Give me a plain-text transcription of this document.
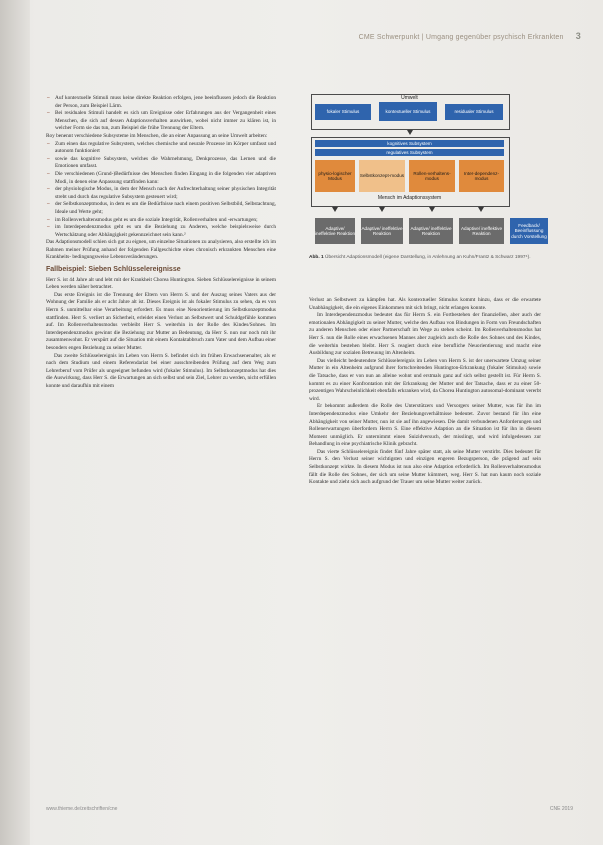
CME Schwerpunkt | Umgang gegenüber psychisch Erkrankten 3
– Auf kontextuelle Stimuli muss keine direkte Reaktion erfolgen, jene beeinflussen jedoch die Reaktion der Person, zum Beispiel Lärm.
– Bei residualen Stimuli handelt es sich um Ereignisse oder Erfahrungen aus der Vergangenheit eines Menschen, die sich auf dessen Adaptionsverhalten auswirken, wobei nicht immer zu klären ist, in welcher Form sie das tun, zum Beispiel die frühe Trennung der Eltern.

Roy benennt verschiedene Subsysteme im Menschen, die an einer Anpassung an seine Umwelt arbeiten:

– Zum einen das regulative Subsystem, welches chemische und neurale Prozesse im Körper umfasst und autonom funktioniert
– sowie das kognitive Subsystem, welches die Wahrnehmung, Denkprozesse, das Lernen und die Emotionen umfasst.
– Die verschiedenen (Grund-)Bedürfnisse des Menschen finden Eingang in die folgenden vier adaptiven Modi, in denen eine Anpassung stattfinden kann:
– der physiologische Modus, in dem der Mensch nach der Aufrechterhaltung seiner physischen Integrität strebt und durch das regulative Subsystem gesteuert wird;
– der Selbstkonzeptmodus, in dem es um die Bedürfnisse nach einem positiven Selbstbild, Selbstachtung, Ideale und Werte geht;
– im Rollenverhaltensmodus geht es um die soziale Integrität, Rollenverhalten und -erwartungen;
– im Interdependenzmodus geht es um die Beziehung zu Anderen, welche beispielsweise durch Wertschätzung oder Abhängigkeit gekennzeichnet sein kann.²

Das Adaptionsmodell schien sich gut zu eignen, um einzelne Situationen zu analysieren, also erstellte ich im Rahmen meiner Prüfung anhand der folgenden Fallgeschichte eines chronisch erkrankten Menschen eine Krankheits- bedingungsweise Lebensveränderungen.

Fallbeispiel: Sieben Schlüsselereignisse

Herr S. ist 44 Jahre alt und lebt mit der Krankheit Chorea Huntington. Sieben Schlüsselereignisse in seinem Leben werden näher betrachtet.

Das erste Ereignis ist die Trennung der Eltern von Herrn S. und der Auszug seines Vaters aus der Wohnung der Familie als er acht Jahre alt ist. Dieses Ereignis ist als fokaler Stimulus zu sehen, da es von Herrn S. unmittelbar eine Verarbeitung erfordert. Es muss eine Neuorientierung im Selbstkonzeptmodus stattfinden. Herr S. verliert an Sicherheit, erleidet einen Verlust an Selbstwert und Schuldgefühle kommen auf. Im Rollenverhaltensmodus verbleibt Herr S. weiterhin in der Rolle des Kindes/Sohnes. Im Interdependenzmodus gewinnt die Beziehung zur Mutter an Bedeutung, da Herr S. nun nur noch mit ihr zusammenwohnt. Er verspürt auf die Situation mit einem Kontaktabbruch zum Vater und dem Aufbau einer besonders engen Beziehung zu seiner Mutter.

Das zweite Schlüsselereignis im Leben von Herrn S. befindet sich im frühen Erwachsenenalter, als er nach dem Studium und einem Referendariat bei einer ausschreibenden Prüfung auf dem Weg zum Lehrerberuf vom Prüfer als ungeeignet befunden wird (fokaler Stimulus). Im Selbstkonzeptmodus hat dies die Auswirkung, dass Herr S. die Erwartungen an sich selbst und sein Ziel, Lehrer zu werden, nicht erfüllen konnte und daraufhin mit einem

Umwelt
fokaler Stimulus	kontextueller Stimulus	residualer Stimulus
kognitives Subsystem
regulatives Subsystem
physio-logischer Modus
Selbstkonzept-modus
Rollen-verhaltens-modus
Inter-dependenz-modus
Mensch im Adaptionssystem
Adaptive/ ineffektive Reaktion
Adaptive/ ineffektive Reaktion
Adaptive/ ineffektive Reaktion
Adaptive/ ineffektive Reaktion
Feedback/ Beeinflussung durch Vorstellung
Abb. 1 Übersicht Adaptionsmodell (eigene Darstellung, in Anlehnung an Kuhn/Frantz & Schwarz 1997⁴).

Verlust an Selbstwert zu kämpfen hat. Als kontextueller Stimulus kommt hinzu, dass er die erwartete Unabhängigkeit, die ein eigenes Einkommen mit sich bringt, nicht erlangen konnte.

Im Interdependenzmodus bedeutet das für Herrn S. ein Fortbestehen der finanziellen, aber auch der emotionalen Abhängigkeit zu seiner Mutter, welche den Aufbau von Bindungen in Form von Freundschaften zu anderen Menschen oder einer Partnerschaft im Wege zu stehen scheint. Im Rollenverhaltensmodus hat Herr S. nun die Rolle eines erwachsenen Mannes aber zugleich auch die Rolle des Sohnes und des Kindes, die weiterhin bestehen bleibt. Herr S. reagiert durch eine berufliche Neuorientierung und macht eine Ausbildung zur sozialen Betreuung im Altenheim.

Das vielleicht bedeutendste Schlüsselereignis im Leben von Herrn S. ist der unerwartete Umzug seiner Mutter in ein Altenheim aufgrund ihrer fortschreitenden Huntington-Erkrankung (fokaler Stimulus) sowie die Tatsache, dass er von nun an alleine wohnt und erstmals ganz auf sich selbst gestellt ist. Für Herrn S. kommt es zu einer Konfrontation mit der Erkrankung der Mutter und der Tatsache, dass er zu einer 50-prozentigen Wahrscheinlichkeit ebenfalls erkranken wird, da Chorea Huntington autosomal-dominant vererbt wird.

Er bekommt außerdem die Rolle des Unterstützers und Versorgers seiner Mutter, was für ihn im Interdependenzmodus eine Umkehr der Beziehungsverhältnisse bedeutet. Zuvor bestand für ihn eine Abhängigkeit von seiner Mutter, nun ist sie auf ihn angewiesen. Die damit verbundenen Anforderungen und Rollenerwartungen überfordern Herrn S. Eine effektive Adaption an die Situation ist für ihn in diesem Moment unmöglich. Er unternimmt einen Suizidversuch, der misslingt, und wird infolgedessen zur Behandlung in eine psychiatrische Klinik gebracht.

Das vierte Schlüsselereignis findet fünf Jahre später statt, als seine Mutter verstirbt. Dies bedeutet für Herrn S. den Verlust seiner wichtigsten und einzigen engeren Bezugsperson, die prägend auf sein Selbstkonzept wirkte. In diesem Modus ist nun also eine Adaption erforderlich. Im Rollenverhaltensmodus fällt die Rolle des Sohnes, der sich um seine Mutter kümmert, weg. Herr S. hat nun kaum noch soziale Kontakte und zieht sich auch aufgrund der Trauer um seine Mutter weiter zurück.

www.thieme.de/zeitschriften/cne	CNE 2019
